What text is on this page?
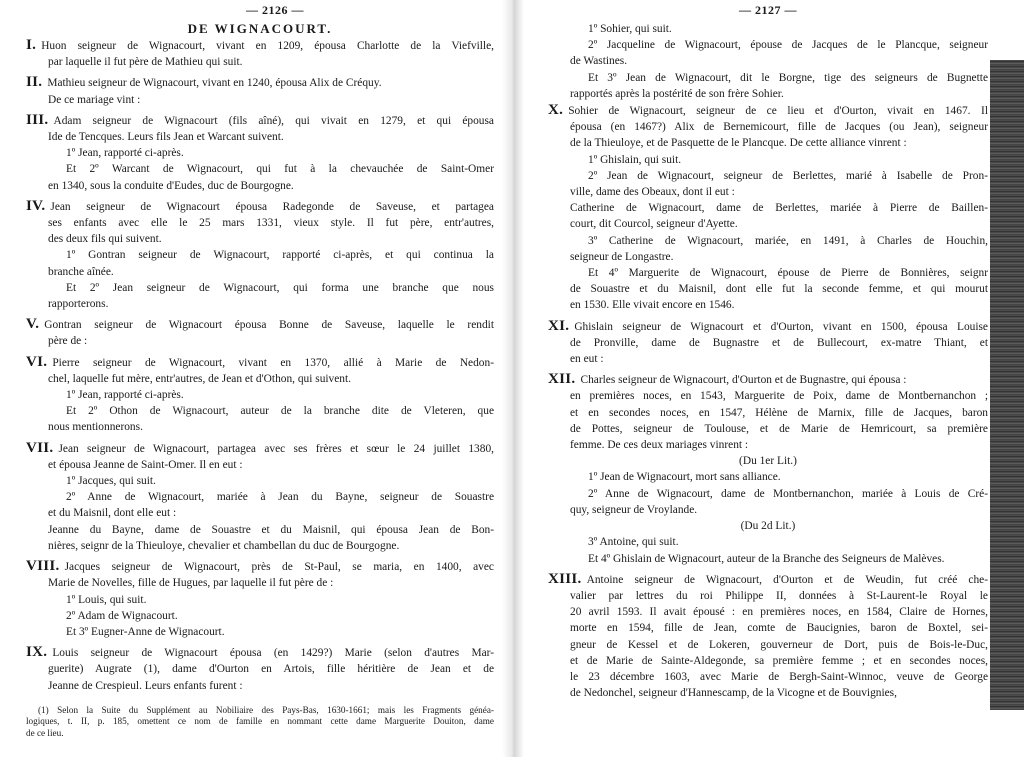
— 2126 —
DE WIGNACOURT.
I. Huon seigneur de Wignacourt, vivant en 1209, épousa Charlotte de la Viefville,
par laquelle il fut père de Mathieu qui suit.
II. Mathieu seigneur de Wignacourt, vivant en 1240, épousa Alix de Créquy.
De ce mariage vint :
III. Adam seigneur de Wignacourt (fils aîné), qui vivait en 1279, et qui épousa
Ide de Tencques. Leurs fils Jean et Warcant suivent.
1º Jean, rapporté ci-après.
Et 2º Warcant de Wignacourt, qui fut à la chevauchée de Saint-Omer
en 1340, sous la conduite d'Eudes, duc de Bourgogne.
IV. Jean seigneur de Wignacourt épousa Radegonde de Saveuse, et partagea
ses enfants avec elle le 25 mars 1331, vieux style. Il fut père, entr'autres,
des deux fils qui suivent.
1º Gontran seigneur de Wignacourt, rapporté ci-après, et qui continua la
branche aînée.
Et 2º Jean seigneur de Wignacourt, qui forma une branche que nous
rapporterons.
V. Gontran seigneur de Wignacourt épousa Bonne de Saveuse, laquelle le rendit
père de :
VI. Pierre seigneur de Wignacourt, vivant en 1370, allié à Marie de Nedon-
chel, laquelle fut mère, entr'autres, de Jean et d'Othon, qui suivent.
1º Jean, rapporté ci-après.
Et 2º Othon de Wignacourt, auteur de la branche dite de Vleteren, que
nous mentionnerons.
VII. Jean seigneur de Wignacourt, partagea avec ses frères et sœur le 24 juillet 1380,
et épousa Jeanne de Saint-Omer. Il en eut :
1º Jacques, qui suit.
2º Anne de Wignacourt, mariée à Jean du Bayne, seigneur de Souastre
et du Maisnil, dont elle eut :
Jeanne du Bayne, dame de Souastre et du Maisnil, qui épousa Jean de Bon-
nières, seignr de la Thieuloye, chevalier et chambellan du duc de Bourgogne.
VIII. Jacques seigneur de Wignacourt, près de St-Paul, se maria, en 1400, avec
Marie de Novelles, fille de Hugues, par laquelle il fut père de :
1º Louis, qui suit.
2º Adam de Wignacourt.
Et 3º Eugner-Anne de Wignacourt.
IX. Louis seigneur de Wignacourt épousa (en 1429?) Marie (selon d'autres Mar-
guerite) Augrate (1), dame d'Ourton en Artois, fille héritière de Jean et de
Jeanne de Crespieul. Leurs enfants furent :
(1) Selon la Suite du Supplément au Nobiliaire des Pays-Bas, 1630-1661; mais les Fragments généa-
logiques, t. II, p. 185, omettent ce nom de famille en nommant cette dame Marguerite Douiton, dame
de ce lieu.
— 2127 —
1º Sohier, qui suit.
2º Jacqueline de Wignacourt, épouse de Jacques de le Plancque, seigneur
de Wastines.
Et 3º Jean de Wignacourt, dit le Borgne, tige des seigneurs de Bugnette
rapportés après la postérité de son frère Sohier.
X. Sohier de Wignacourt, seigneur de ce lieu et d'Ourton, vivait en 1467. Il
épousa (en 1467?) Alix de Bernemicourt, fille de Jacques (ou Jean), seigneur
de la Thieuloye, et de Pasquette de le Plancque. De cette alliance vinrent :
1º Ghislain, qui suit.
2º Jean de Wignacourt, seigneur de Berlettes, marié à Isabelle de Pron-
ville, dame des Obeaux, dont il eut :
Catherine de Wignacourt, dame de Berlettes, mariée à Pierre de Baillen-
court, dit Courcol, seigneur d'Ayette.
3º Catherine de Wignacourt, mariée, en 1491, à Charles de Houchin,
seigneur de Longastre.
Et 4º Marguerite de Wignacourt, épouse de Pierre de Bonnières, seignr
de Souastre et du Maisnil, dont elle fut la seconde femme, et qui mourut
en 1530. Elle vivait encore en 1546.
XI. Ghislain seigneur de Wignacourt et d'Ourton, vivant en 1500, épousa Louise
de Pronville, dame de Bugnastre et de Bullecourt, ex-matre Thiant, et
en eut :
XII. Charles seigneur de Wignacourt, d'Ourton et de Bugnastre, qui épousa :
en premières noces, en 1543, Marguerite de Poix, dame de Montbernanchon ;
et en secondes noces, en 1547, Hélène de Marnix, fille de Jacques, baron
de Pottes, seigneur de Toulouse, et de Marie de Hemricourt, sa première
femme. De ces deux mariages vinrent :
(Du 1er Lit.)
1º Jean de Wignacourt, mort sans alliance.
2º Anne de Wignacourt, dame de Montbernanchon, mariée à Louis de Cré-
quy, seigneur de Vroylande.
(Du 2d Lit.)
3º Antoine, qui suit.
Et 4º Ghislain de Wignacourt, auteur de la Branche des Seigneurs de Malèves.
XIII. Antoine seigneur de Wignacourt, d'Ourton et de Weudin, fut créé che-
valier par lettres du roi Philippe II, données à St-Laurent-le Royal le
20 avril 1593. Il avait épousé : en premières noces, en 1584, Claire de Hornes,
morte en 1594, fille de Jean, comte de Baucignies, baron de Boxtel, sei-
gneur de Kessel et de Lokeren, gouverneur de Dort, puis de Bois-le-Duc,
et de Marie de Sainte-Aldegonde, sa première femme ; et en secondes noces,
le 23 décembre 1603, avec Marie de Bergh-Saint-Winnoc, veuve de George
de Nedonchel, seigneur d'Hannescamp, de la Vicogne et de Bouvignies,
